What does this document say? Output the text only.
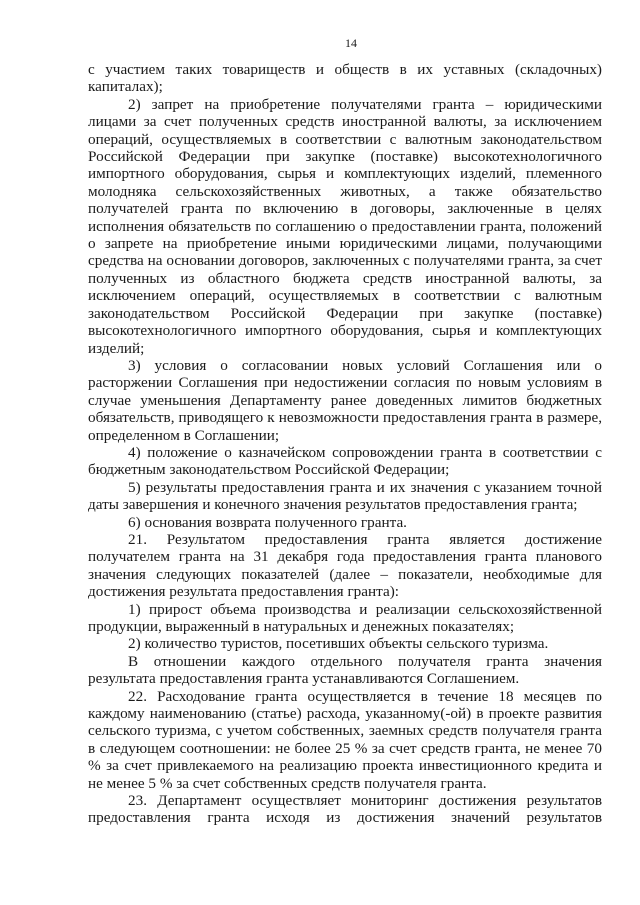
14

с участием таких товариществ и обществ в их уставных (складочных) капиталах);

2) запрет на приобретение получателями гранта – юридическими лицами за счет полученных средств иностранной валюты, за исключением операций, осуществляемых в соответствии с валютным законодательством Российской Федерации при закупке (поставке) высокотехнологичного импортного оборудования, сырья и комплектующих изделий, племенного молодняка сельскохозяйственных животных, а также обязательство получателей гранта по включению в договоры, заключенные в целях исполнения обязательств по соглашению о предоставлении гранта, положений о запрете на приобретение иными юридическими лицами, получающими средства на основании договоров, заключенных с получателями гранта, за счет полученных из областного бюджета средств иностранной валюты, за исключением операций, осуществляемых в соответствии с валютным законодательством Российской Федерации при закупке (поставке) высокотехнологичного импортного оборудования, сырья и комплектующих изделий;

3) условия о согласовании новых условий Соглашения или о расторжении Соглашения при недостижении согласия по новым условиям в случае уменьшения Департаменту ранее доведенных лимитов бюджетных обязательств, приводящего к невозможности предоставления гранта в размере, определенном в Соглашении;

4) положение о казначейском сопровождении гранта в соответствии с бюджетным законодательством Российской Федерации;

5) результаты предоставления гранта и их значения с указанием точной даты завершения и конечного значения результатов предоставления гранта;

6) основания возврата полученного гранта.

21. Результатом предоставления гранта является достижение получателем гранта на 31 декабря года предоставления гранта планового значения следующих показателей (далее – показатели, необходимые для достижения результата предоставления гранта):

1) прирост объема производства и реализации сельскохозяйственной продукции, выраженный в натуральных и денежных показателях;

2) количество туристов, посетивших объекты сельского туризма.

В отношении каждого отдельного получателя гранта значения результата предоставления гранта устанавливаются Соглашением.

22. Расходование гранта осуществляется в течение 18 месяцев по каждому наименованию (статье) расхода, указанному(-ой) в проекте развития сельского туризма, с учетом собственных, заемных средств получателя гранта в следующем соотношении: не более 25 % за счет средств гранта, не менее 70 % за счет привлекаемого на реализацию проекта инвестиционного кредита и не менее 5 % за счет собственных средств получателя гранта.

23. Департамент осуществляет мониторинг достижения результатов предоставления гранта исходя из достижения значений результатов
